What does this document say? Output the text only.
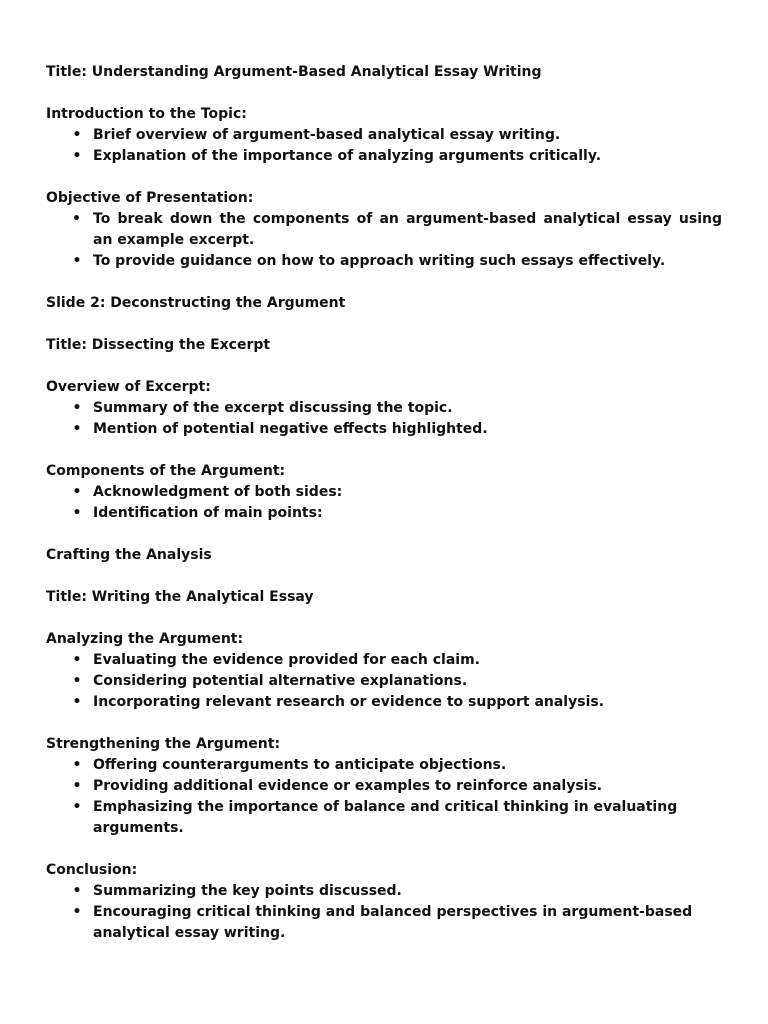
Title: Understanding Argument-Based Analytical Essay Writing

Introduction to the Topic:

• Brief overview of argument-based analytical essay writing.
• Explanation of the importance of analyzing arguments critically.

Objective of Presentation:

• To break down the components of an argument-based analytical essay using an example excerpt.
• To provide guidance on how to approach writing such essays effectively.

Slide 2: Deconstructing the Argument

Title: Dissecting the Excerpt

Overview of Excerpt:

• Summary of the excerpt discussing the topic.
• Mention of potential negative effects highlighted.

Components of the Argument:

• Acknowledgment of both sides:
• Identification of main points:

Crafting the Analysis

Title: Writing the Analytical Essay

Analyzing the Argument:

• Evaluating the evidence provided for each claim.
• Considering potential alternative explanations.
• Incorporating relevant research or evidence to support analysis.

Strengthening the Argument:

• Offering counterarguments to anticipate objections.
• Providing additional evidence or examples to reinforce analysis.
• Emphasizing the importance of balance and critical thinking in evaluating arguments.

Conclusion:

• Summarizing the key points discussed.
• Encouraging critical thinking and balanced perspectives in argument-based analytical essay writing.
